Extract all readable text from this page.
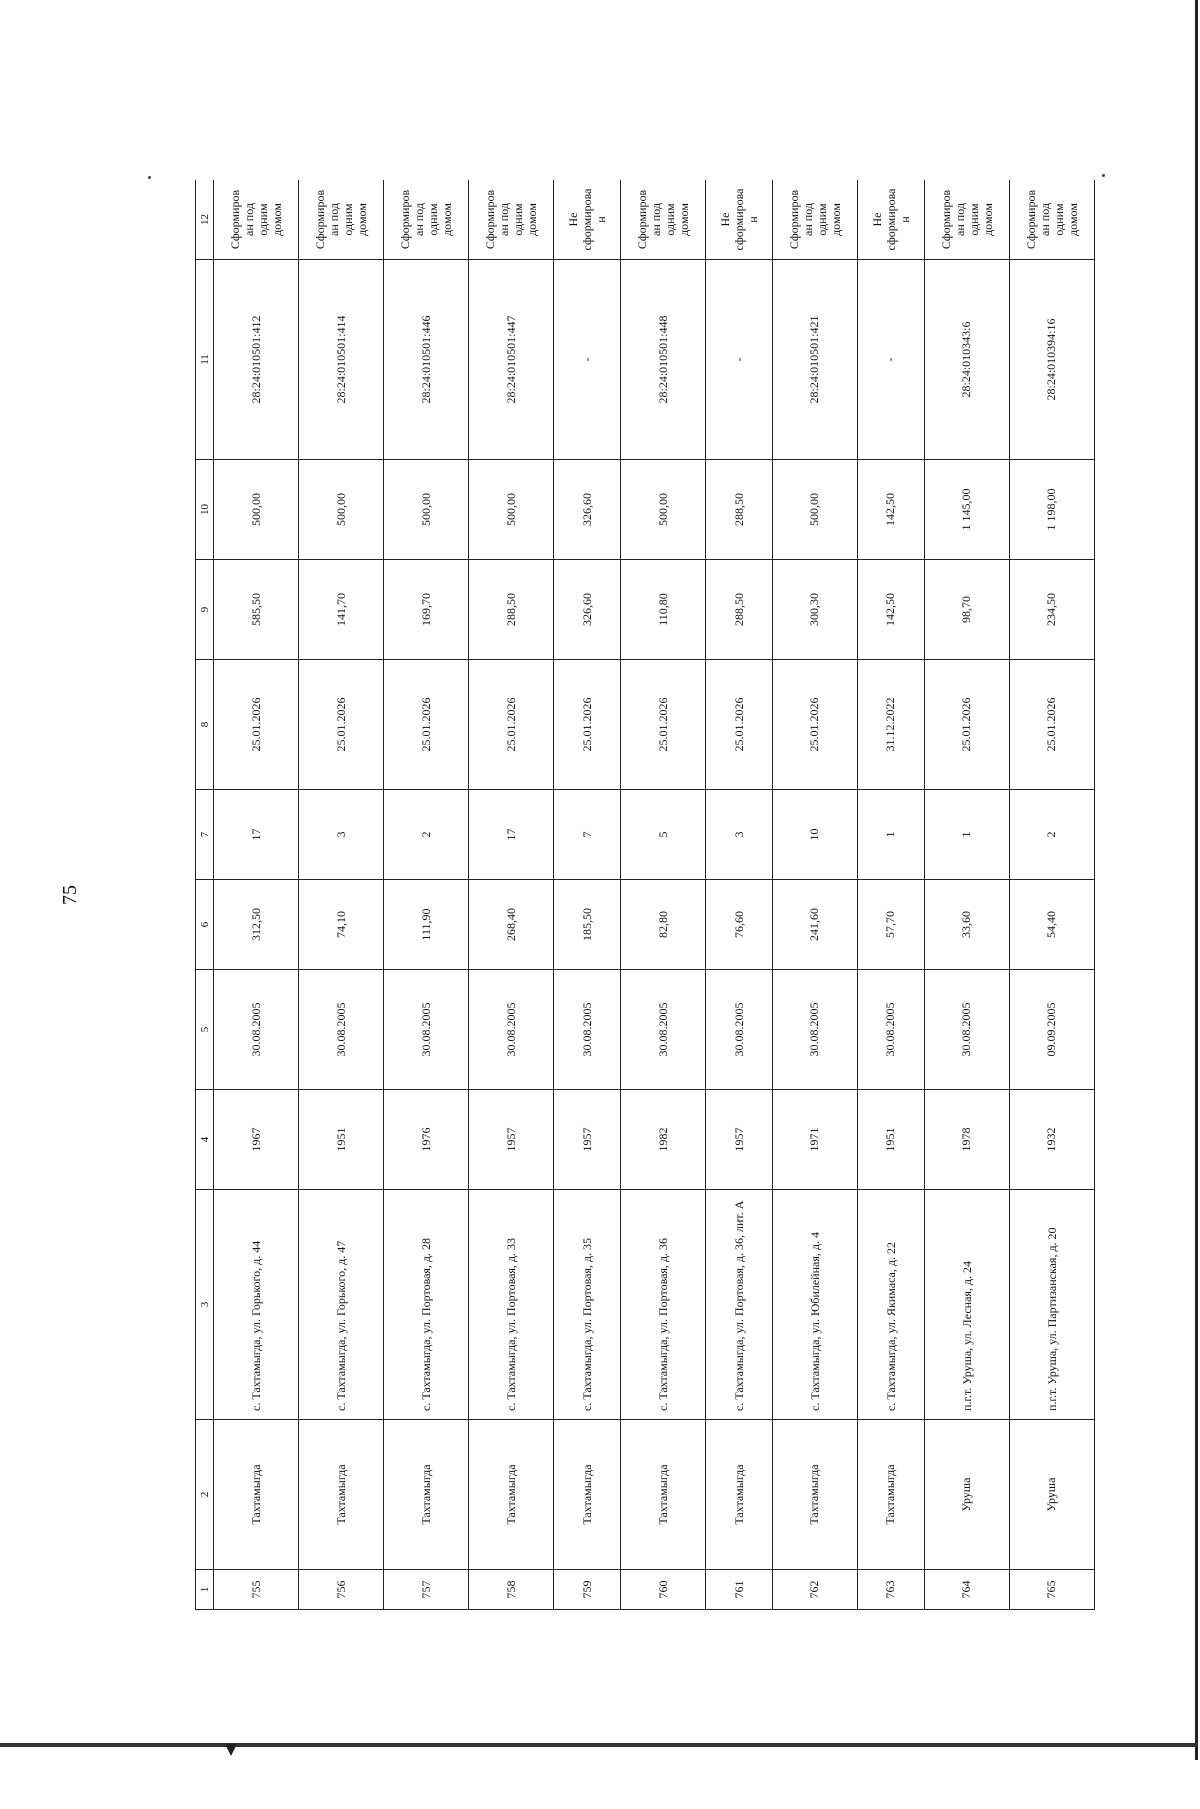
75
1	2	3	4	5	6	7	8	9	10	11	12
755	Тахтамыгда	с. Тахтамыгда, ул. Горького, д. 44	1967	30.08.2005	312,50	17	25.01.2026	585,50	500,00	28:24:010501:412	Сформирован под одним домом
756	Тахтамыгда	с. Тахтамыгда, ул. Горького, д. 47	1951	30.08.2005	74,10	3	25.01.2026	141,70	500,00	28:24:010501:414	Сформирован под одним домом
757	Тахтамыгда	с. Тахтамыгда, ул. Портовая, д. 28	1976	30.08.2005	111,90	2	25.01.2026	169,70	500,00	28:24:010501:446	Сформирован под одним домом
758	Тахтамыгда	с. Тахтамыгда, ул. Портовая, д. 33	1957	30.08.2005	268,40	17	25.01.2026	288,50	500,00	28:24:010501:447	Сформирован под одним домом
759	Тахтамыгда	с. Тахтамыгда, ул. Портовая, д. 35	1957	30.08.2005	185,50	7	25.01.2026	326,60	326,60	-	Не сформирован
760	Тахтамыгда	с. Тахтамыгда, ул. Портовая, д. 36	1982	30.08.2005	82,80	5	25.01.2026	110,80	500,00	28:24:010501:448	Сформирован под одним домом
761	Тахтамыгда	с. Тахтамыгда, ул. Портовая, д. 36, лит. А	1957	30.08.2005	76,60	3	25.01.2026	288,50	288,50	-	Не сформирован
762	Тахтамыгда	с. Тахтамыгда, ул. Юбилейная, д. 4	1971	30.08.2005	241,60	10	25.01.2026	300,30	500,00	28:24:010501:421	Сформирован под одним домом
763	Тахтамыгда	с. Тахтамыгда, ул. Якимаса, д. 22	1951	30.08.2005	57,70	1	31.12.2022	142,50	142,50	-	Не сформирован
764	Уруша	п.г.т. Уруша, ул. Лесная, д. 24	1978	30.08.2005	33,60	1	25.01.2026	98,70	1 145,00	28:24:010343:6	Сформирован под одним домом
765	Уруша	п.г.т. Уруша, ул. Партизанская, д. 20	1932	09.09.2005	54,40	2	25.01.2026	234,50	1 198,00	28:24:010394:16	Сформирован под одним домом
